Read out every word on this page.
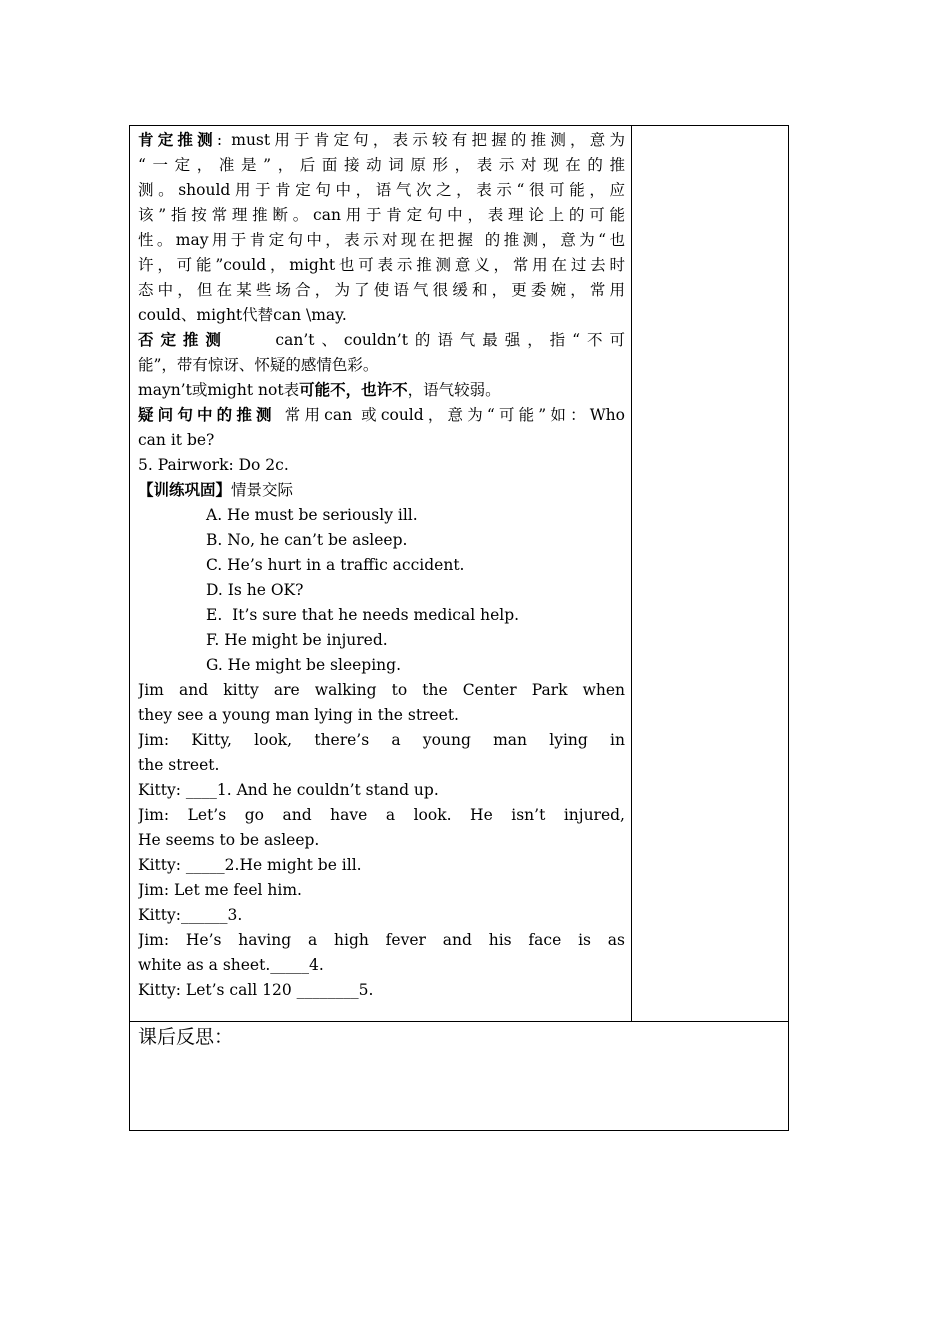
肯定推测: must用于肯定句，表示较有把握的推测，意为
“一定，准是”，后面接动词原形，表示对现在的推
测。should用于肯定句中，语气次之，表示“很可能，应
该”指按常理推断。can用于肯定句中，表理论上的可能
性。may用于肯定句中，表示对现在把握 的推测，意为“也
许，可能”could，might也可表示推测意义，常用在过去时
态中，但在某些场合，为了使语气很缓和，更委婉，常用
could、might代替can \may.
否定推测    can’t、couldn’t的语气最强，指“不可
能”，带有惊讶、怀疑的感情色彩。
mayn’t或might not表可能不，也许不，语气较弱。
疑问句中的推测 常用can 或could，意为“可能”如：Who
can it be?
5. Pairwork: Do 2c.
【训练巩固】情景交际
A. He must be seriously ill.
B. No, he can’t be asleep.
C. He’s hurt in a traffic accident.
D. Is he OK?
E.  It’s sure that he needs medical help.
F. He might be injured.
G. He might be sleeping.
Jim and kitty are walking to the Center Park when
they see a young man lying in the street.
Jim: Kitty, look, there’s a young man lying in
the street.
Kitty: ____1. And he couldn’t stand up.
Jim: Let’s go and have a look. He isn’t injured,
He seems to be asleep.
Kitty: _____2.He might be ill.
Jim: Let me feel him.
Kitty:______3.
Jim: He’s having a high fever and his face is as
white as a sheet._____4.
Kitty: Let’s call 120 ________5.
课后反思：
